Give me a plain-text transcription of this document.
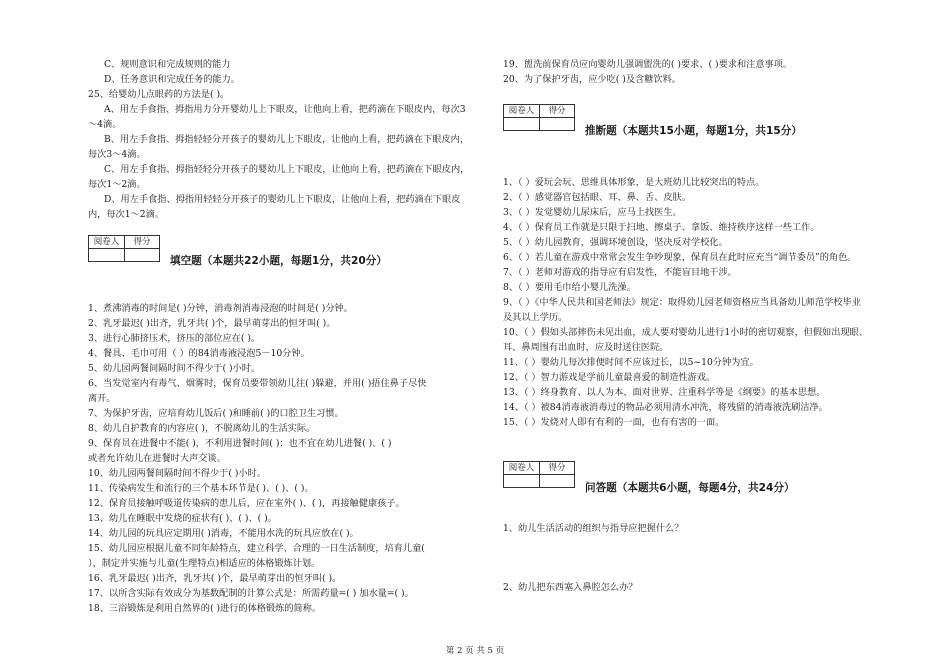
C、规则意识和完成规则的能力
D、任务意识和完成任务的能力。
25、给婴幼儿点眼药的方法是( )。
A、用左手食指、拇指用力分开婴幼儿上下眼皮，让他向上看，把药滴在下眼皮内，每次3
～4滴。
B、用左手食指、拇指轻轻分开孩子的婴幼儿上下眼皮，让他向上看，把药滴在下眼皮内，
每次3～4滴。
C、用左手食指、拇指轻轻分开孩子的婴幼儿上下眼皮，让他向上看，把药滴在下眼皮内，
每次1～2滴。
D、用左手食指、拇指用轻轻分开孩子的婴幼儿上下眼皮，让他向上看，把药滴在下眼皮
内，每次1～2滴。
阅卷人	得分
填空题（本题共22小题，每题1分，共20分）
1、煮沸消毒的时间是( )分钟，消毒剂消毒浸泡的时间是( )分钟。
2、乳牙最迟( )出齐，乳牙共( )个，最早萌芽出的恒牙叫( )。
3、进行心肺挤压术，挤压的部位应在( )。
4、餐具、毛巾可用（ ）的84消毒液浸泡5－10分钟。
5、幼儿园两餐间隔时间不得少于( )小时。
6、当发觉室内有毒气、烟雾时，保育员要带领幼儿往( )躲避，并用( )捂住鼻子尽快
离开。
7、为保护牙齿，应培育幼儿饭后( )和睡前( )的口腔卫生习惯。
8、幼儿自护教育的内容应( )，不脱离幼儿的生活实际。
9、保育员在进餐中不能( )，不利用进餐时间( )；也不宜在幼儿进餐( )、( )
或者允许幼儿在进餐时大声交谈。
10、幼儿园两餐间隔时间不得少于( )小时。
11、传染病发生和流行的三个基本环节是( )、( )、( )。
12、保育员接触呼吸道传染病的患儿后，应在室外( )、( )，再接触健康孩子。
13、幼儿在睡眠中发烧的症状有( )、( )、( )。
14、幼儿园的玩具应定期用( )消毒，不能用水洗的玩具应放在( )。
15、幼儿园应根据儿童不同年龄特点，建立科学、合理的一日生活制度，培育儿童(
），制定并实施与儿童(生理特点)相适应的体格锻炼计划。
16、乳牙最迟( )出齐，乳牙共( )个，最早萌芽出的恒牙叫( )。
17、以所含实际有效成分为基数配制的计算公式是：所需药量=( ) 加水量=( )。
18、三浴锻炼是利用自然界的( )进行的体格锻炼的简称。
19、盥洗前保育员应向婴幼儿强调盥洗的( )要求、( )要求和注意事项。
20、为了保护牙齿，应少吃( )及含糖饮料。
阅卷人	得分
推断题（本题共15小题，每题1分，共15分）
1、（ ）爱玩会玩、思维具体形象，是大班幼儿比较突出的特点。
2、（ ）感觉器官包括眼、耳、鼻、舌、皮肤。
3、（ ）发觉婴幼儿尿床后，应马上找医生。
4、（ ）保育员工作就是只限于扫地、擦桌子、拿饭、维持秩序这样一些工作。
5、（ ）幼儿园教育，强调环境创设，坚决反对学校化。
6、（ ）若儿童在游戏中常常会发生争吵现象，保育员在此时应充当“调节委员”的角色。
7、（ ）老师对游戏的指导应有启发性，不能盲目地干涉。
8、（ ）要用毛巾给小婴儿洗澡。
9、（ ）《中华人民共和国老师法》规定：取得幼儿园老师资格应当具备幼儿师范学校毕业
及其以上学历。
10、（ ）假如头部摔伤未见出血，成人要对婴幼儿进行1小时的密切观察，但假如出现眼、
耳、鼻周围有出血时，应及时送往医院。
11、（ ）婴幼儿每次排便时间不应该过长，以5~10分钟为宜。
12、（ ）智力游戏是学前儿童最喜爱的制造性游戏。
13、（ ）终身教育、以人为本、面对世界、注重科学等是《纲要》的基本思想。
14、（ ）被84消毒液消毒过的物品必须用清水冲洗，将残留的消毒液洗刷洁净。
15、（ ）发烧对人即有有利的一面，也有有害的一面。
阅卷人	得分
问答题（本题共6小题，每题4分，共24分）
1、幼儿生活活动的组织与指导应把握什么？
2、幼儿把东西塞入鼻腔怎么办？
第 2 页 共 5 页
